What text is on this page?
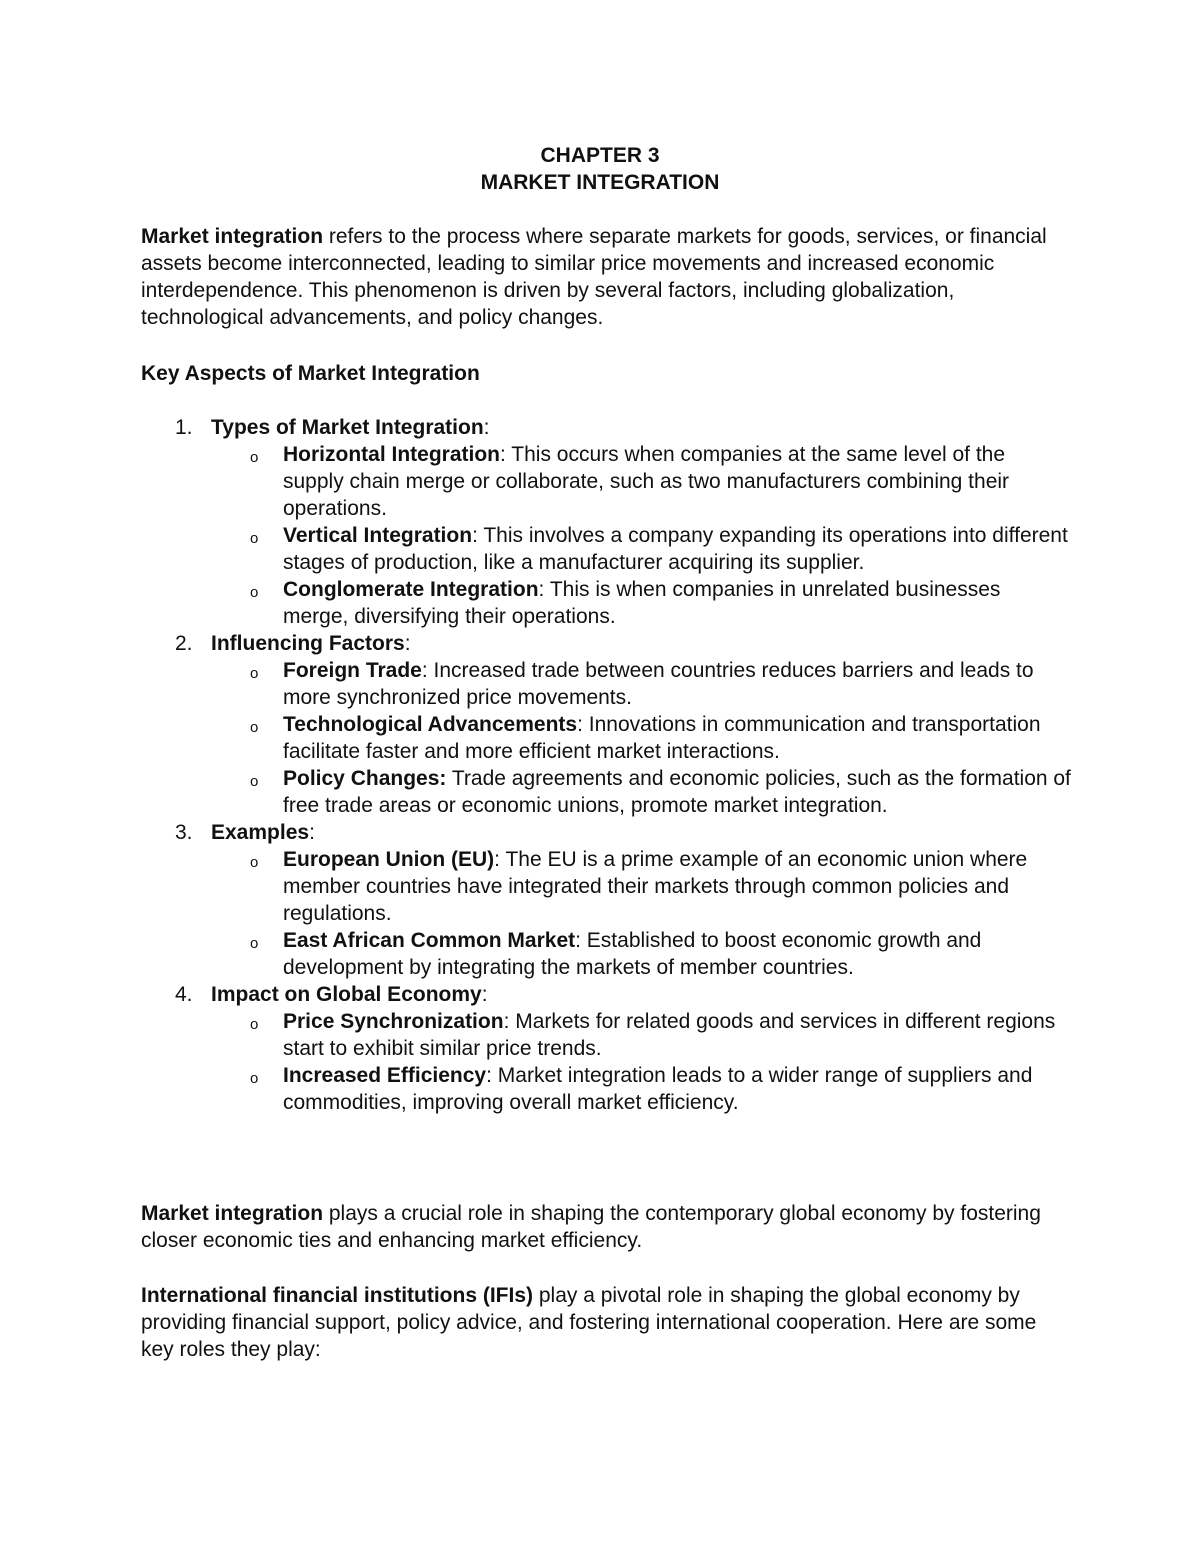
CHAPTER 3
MARKET INTEGRATION

Market integration refers to the process where separate markets for goods, services, or financial assets become interconnected, leading to similar price movements and increased economic interdependence. This phenomenon is driven by several factors, including globalization, technological advancements, and policy changes.

Key Aspects of Market Integration
1. Types of Market Integration:
o Horizontal Integration: This occurs when companies at the same level of the supply chain merge or collaborate, such as two manufacturers combining their operations.
o Vertical Integration: This involves a company expanding its operations into different stages of production, like a manufacturer acquiring its supplier.
o Conglomerate Integration: This is when companies in unrelated businesses merge, diversifying their operations.
2. Influencing Factors:
o Foreign Trade: Increased trade between countries reduces barriers and leads to more synchronized price movements.
o Technological Advancements: Innovations in communication and transportation facilitate faster and more efficient market interactions.
o Policy Changes: Trade agreements and economic policies, such as the formation of free trade areas or economic unions, promote market integration.
3. Examples:
o European Union (EU): The EU is a prime example of an economic union where member countries have integrated their markets through common policies and regulations.
o East African Common Market: Established to boost economic growth and development by integrating the markets of member countries.
4. Impact on Global Economy:
o Price Synchronization: Markets for related goods and services in different regions start to exhibit similar price trends.
o Increased Efficiency: Market integration leads to a wider range of suppliers and commodities, improving overall market efficiency.

Market integration plays a crucial role in shaping the contemporary global economy by fostering closer economic ties and enhancing market efficiency.

International financial institutions (IFIs) play a pivotal role in shaping the global economy by providing financial support, policy advice, and fostering international cooperation. Here are some key roles they play:
